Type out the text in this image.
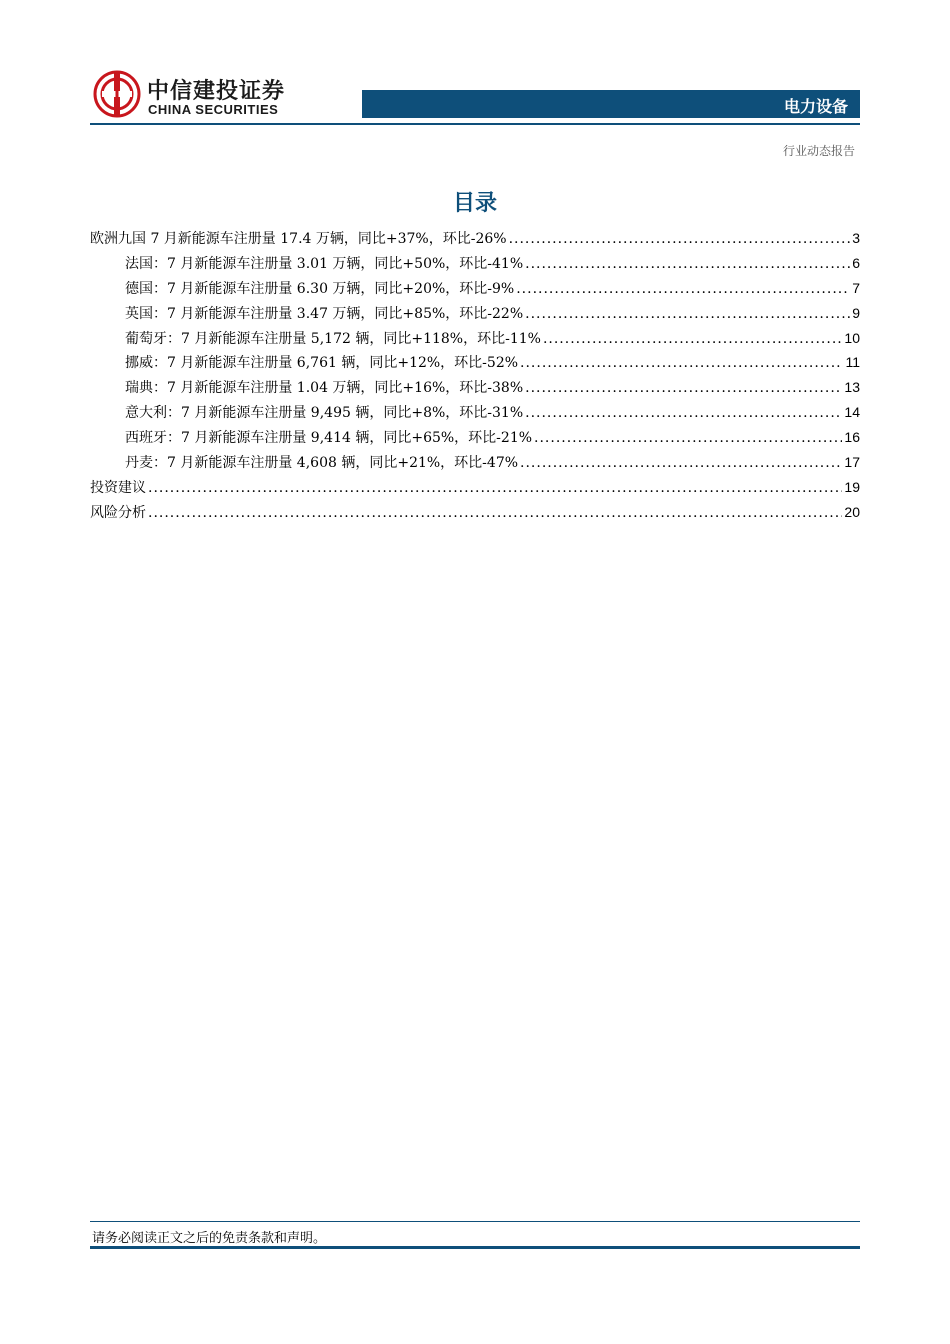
中信建投证券
CHINA SECURITIES	电力设备
行业动态报告
目录
欧洲九国 7 月新能源车注册量 17.4 万辆，同比+37%，环比-26% .....	3
法国：7 月新能源车注册量 3.01 万辆，同比+50%，环比-41% .....	6
德国：7 月新能源车注册量 6.30 万辆，同比+20%，环比-9% .....	7
英国：7 月新能源车注册量 3.47 万辆，同比+85%，环比-22% .....	9
葡萄牙：7 月新能源车注册量 5,172 辆，同比+118%，环比-11% .....	10
挪威：7 月新能源车注册量 6,761 辆，同比+12%，环比-52% .....	11
瑞典：7 月新能源车注册量 1.04 万辆，同比+16%，环比-38% .....	13
意大利：7 月新能源车注册量 9,495 辆，同比+8%，环比-31% .....	14
西班牙：7 月新能源车注册量 9,414 辆，同比+65%，环比-21% .....	16
丹麦：7 月新能源车注册量 4,608 辆，同比+21%，环比-47% .....	17
投资建议 .....	19
风险分析 .....	20
请务必阅读正文之后的免责条款和声明。
